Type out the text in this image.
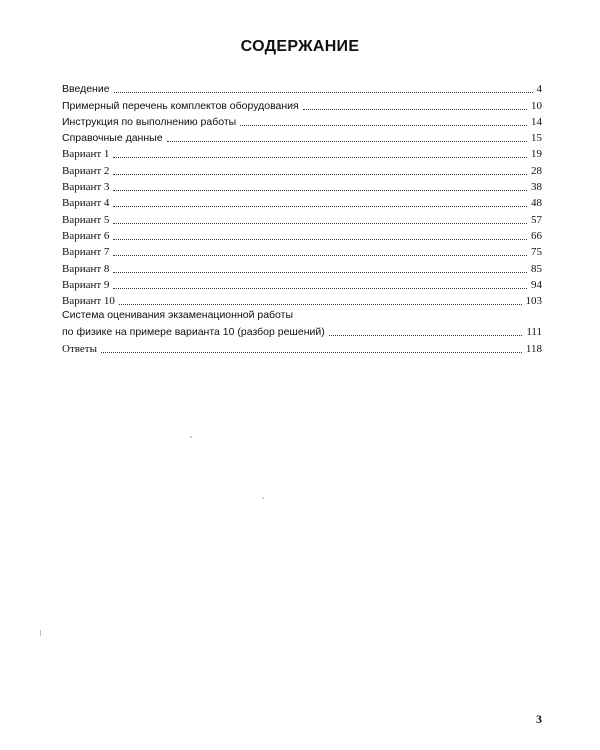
СОДЕРЖАНИЕ
Введение	4
Примерный перечень комплектов оборудования	10
Инструкция по выполнению работы	14
Справочные данные	15
Вариант 1	19
Вариант 2	28
Вариант 3	38
Вариант 4	48
Вариант 5	57
Вариант 6	66
Вариант 7	75
Вариант 8	85
Вариант 9	94
Вариант 10	103
Система оценивания экзаменационной работы
по физике на примере варианта 10 (разбор решений)	111
Ответы	118
3
